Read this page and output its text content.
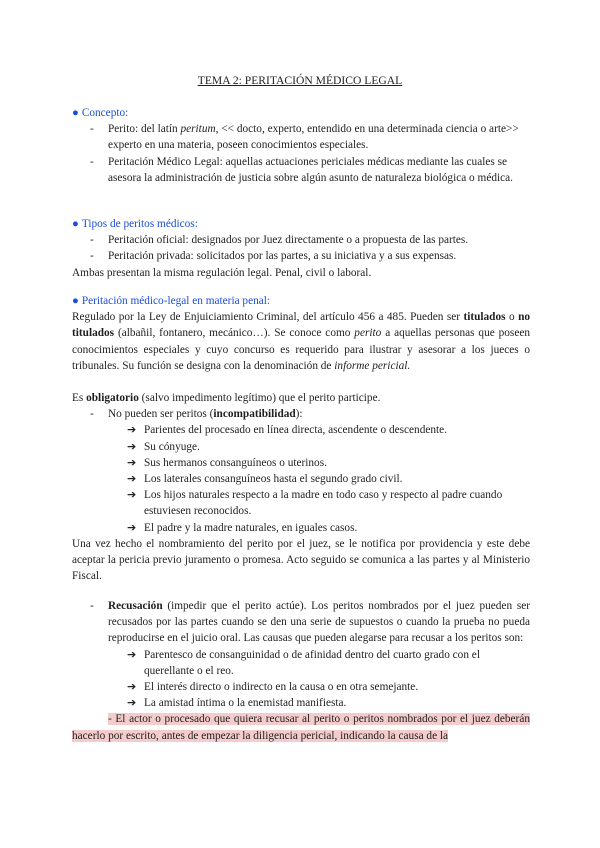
TEMA 2: PERITACIÓN MÉDICO LEGAL
● Concepto:
- Perito: del latín peritum, << docto, experto, entendido en una determinada ciencia o arte>> experto en una materia, poseen conocimientos especiales.
- Peritación Médico Legal: aquellas actuaciones periciales médicas mediante las cuales se asesora la administración de justicia sobre algún asunto de naturaleza biológica o médica.
● Tipos de peritos médicos:
- Peritación oficial: designados por Juez directamente o a propuesta de las partes.
- Peritación privada: solicitados por las partes, a su iniciativa y a sus expensas.
Ambas presentan la misma regulación legal. Penal, civil o laboral.
● Peritación médico-legal en materia penal:
Regulado por la Ley de Enjuiciamiento Criminal, del artículo 456 a 485. Pueden ser titulados o no titulados (albañil, fontanero, mecánico…). Se conoce como perito a aquellas personas que poseen conocimientos especiales y cuyo concurso es requerido para ilustrar y asesorar a los jueces o tribunales. Su función se designa con la denominación de informe pericial.
Es obligatorio (salvo impedimento legítimo) que el perito participe.
- No pueden ser peritos (incompatibilidad):
➔ Parientes del procesado en línea directa, ascendente o descendente.
➔ Su cónyuge.
➔ Sus hermanos consanguíneos o uterinos.
➔ Los laterales consanguíneos hasta el segundo grado civil.
➔ Los hijos naturales respecto a la madre en todo caso y respecto al padre cuando estuviesen reconocidos.
➔ El padre y la madre naturales, en iguales casos.
Una vez hecho el nombramiento del perito por el juez, se le notifica por providencia y este debe aceptar la pericia previo juramento o promesa. Acto seguido se comunica a las partes y al Ministerio Fiscal.
- Recusación (impedir que el perito actúe). Los peritos nombrados por el juez pueden ser recusados por las partes cuando se den una serie de supuestos o cuando la prueba no pueda reproducirse en el juicio oral. Las causas que pueden alegarse para recusar a los peritos son:
➔ Parentesco de consanguinidad o de afinidad dentro del cuarto grado con el querellante o el reo.
➔ El interés directo o indirecto en la causa o en otra semejante.
➔ La amistad íntima o la enemistad manifiesta.
- El actor o procesado que quiera recusar al perito o peritos nombrados por el juez deberán hacerlo por escrito, antes de empezar la diligencia pericial, indicando la causa de la
